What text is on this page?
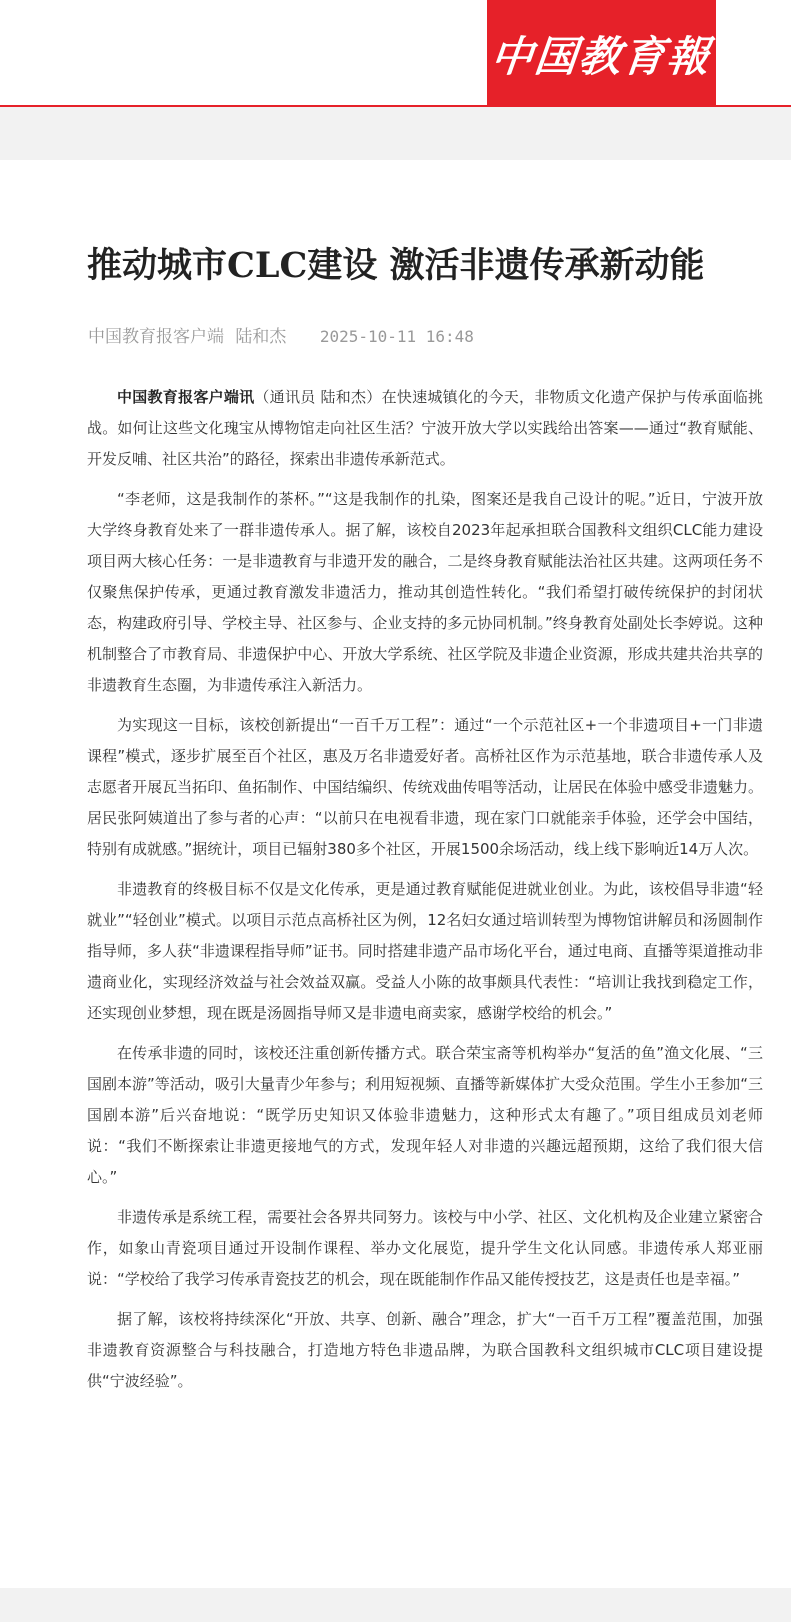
中国教育報
推动城市CLC建设 激活非遗传承新动能
中国教育报客户端 陆和杰 2025-10-11 16:48

中国教育报客户端讯（通讯员 陆和杰）在快速城镇化的今天，非物质文化遗产保护与传承面临挑战。如何让这些文化瑰宝从博物馆走向社区生活？宁波开放大学以实践给出答案——通过“教育赋能、开发反哺、社区共治”的路径，探索出非遗传承新范式。

“李老师，这是我制作的茶杯。”“这是我制作的扎染，图案还是我自己设计的呢。”近日，宁波开放大学终身教育处来了一群非遗传承人。据了解，该校自2023年起承担联合国教科文组织CLC能力建设项目两大核心任务：一是非遗教育与非遗开发的融合，二是终身教育赋能法治社区共建。这两项任务不仅聚焦保护传承，更通过教育激发非遗活力，推动其创造性转化。“我们希望打破传统保护的封闭状态，构建政府引导、学校主导、社区参与、企业支持的多元协同机制。”终身教育处副处长李婷说。这种机制整合了市教育局、非遗保护中心、开放大学系统、社区学院及非遗企业资源，形成共建共治共享的非遗教育生态圈，为非遗传承注入新活力。

为实现这一目标，该校创新提出“一百千万工程”：通过“一个示范社区+一个非遗项目+一门非遗课程”模式，逐步扩展至百个社区，惠及万名非遗爱好者。高桥社区作为示范基地，联合非遗传承人及志愿者开展瓦当拓印、鱼拓制作、中国结编织、传统戏曲传唱等活动，让居民在体验中感受非遗魅力。居民张阿姨道出了参与者的心声：“以前只在电视看非遗，现在家门口就能亲手体验，还学会中国结，特别有成就感。”据统计，项目已辐射380多个社区，开展1500余场活动，线上线下影响近14万人次。

非遗教育的终极目标不仅是文化传承，更是通过教育赋能促进就业创业。为此，该校倡导非遗“轻就业”“轻创业”模式。以项目示范点高桥社区为例，12名妇女通过培训转型为博物馆讲解员和汤圆制作指导师，多人获“非遗课程指导师”证书。同时搭建非遗产品市场化平台，通过电商、直播等渠道推动非遗商业化，实现经济效益与社会效益双赢。受益人小陈的故事颇具代表性：“培训让我找到稳定工作，还实现创业梦想，现在既是汤圆指导师又是非遗电商卖家，感谢学校给的机会。”

在传承非遗的同时，该校还注重创新传播方式。联合荣宝斋等机构举办“复活的鱼”渔文化展、“三国剧本游”等活动，吸引大量青少年参与；利用短视频、直播等新媒体扩大受众范围。学生小王参加“三国剧本游”后兴奋地说：“既学历史知识又体验非遗魅力，这种形式太有趣了。”项目组成员刘老师说：“我们不断探索让非遗更接地气的方式，发现年轻人对非遗的兴趣远超预期，这给了我们很大信心。”

非遗传承是系统工程，需要社会各界共同努力。该校与中小学、社区、文化机构及企业建立紧密合作，如象山青瓷项目通过开设制作课程、举办文化展览，提升学生文化认同感。非遗传承人郑亚丽说：“学校给了我学习传承青瓷技艺的机会，现在既能制作作品又能传授技艺，这是责任也是幸福。”

据了解，该校将持续深化“开放、共享、创新、融合”理念，扩大“一百千万工程”覆盖范围，加强非遗教育资源整合与科技融合，打造地方特色非遗品牌，为联合国教科文组织城市CLC项目建设提供“宁波经验”。
